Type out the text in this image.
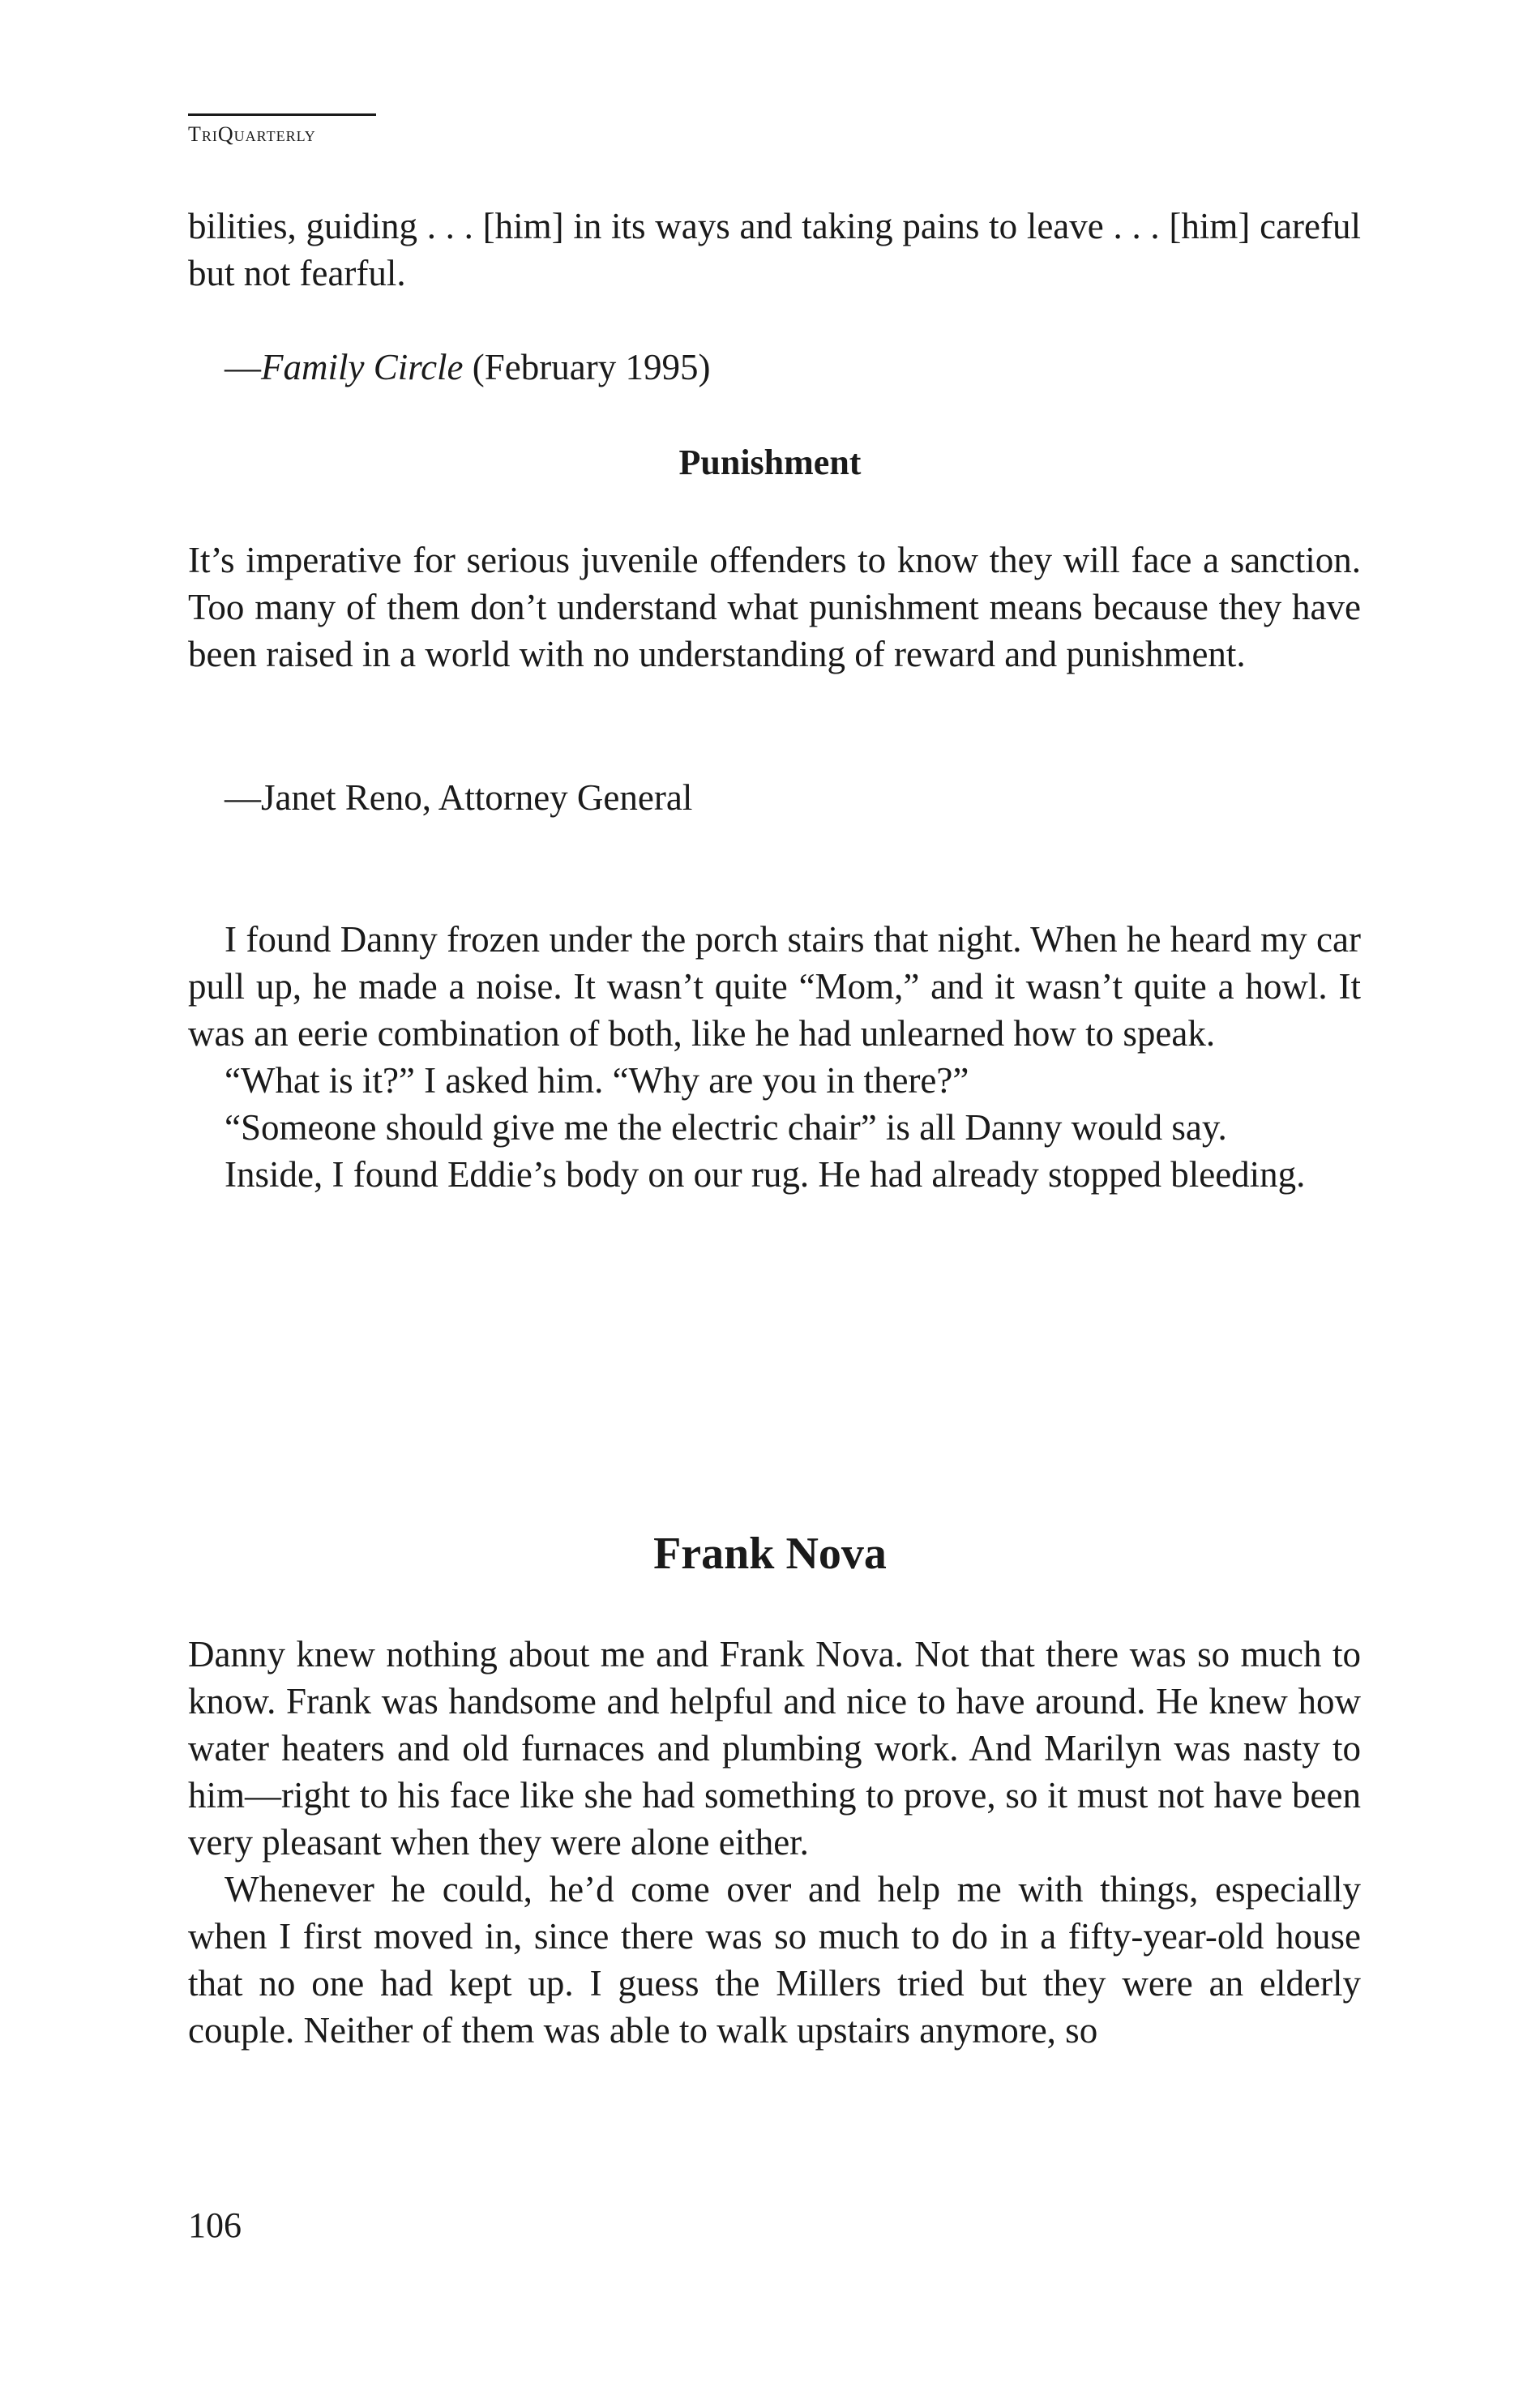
TriQuarterly

bilities, guiding . . . [him] in its ways and taking pains to leave . . . [him] careful but not fearful.

—Family Circle (February 1995)
Punishment

It’s imperative for serious juvenile offenders to know they will face a sanction. Too many of them don’t understand what punishment means because they have been raised in a world with no understanding of reward and punishment.

—Janet Reno, Attorney General

I found Danny frozen under the porch stairs that night. When he heard my car pull up, he made a noise. It wasn’t quite “Mom,” and it wasn’t quite a howl. It was an eerie combination of both, like he had unlearned how to speak.

“What is it?” I asked him. “Why are you in there?”

“Someone should give me the electric chair” is all Danny would say.

Inside, I found Eddie’s body on our rug. He had already stopped bleeding.

Frank Nova

Danny knew nothing about me and Frank Nova. Not that there was so much to know. Frank was handsome and helpful and nice to have around. He knew how water heaters and old furnaces and plumbing work. And Marilyn was nasty to him—right to his face like she had something to prove, so it must not have been very pleasant when they were alone either.

Whenever he could, he’d come over and help me with things, especially when I first moved in, since there was so much to do in a fifty-year-old house that no one had kept up. I guess the Millers tried but they were an elderly couple. Neither of them was able to walk upstairs anymore, so

106
